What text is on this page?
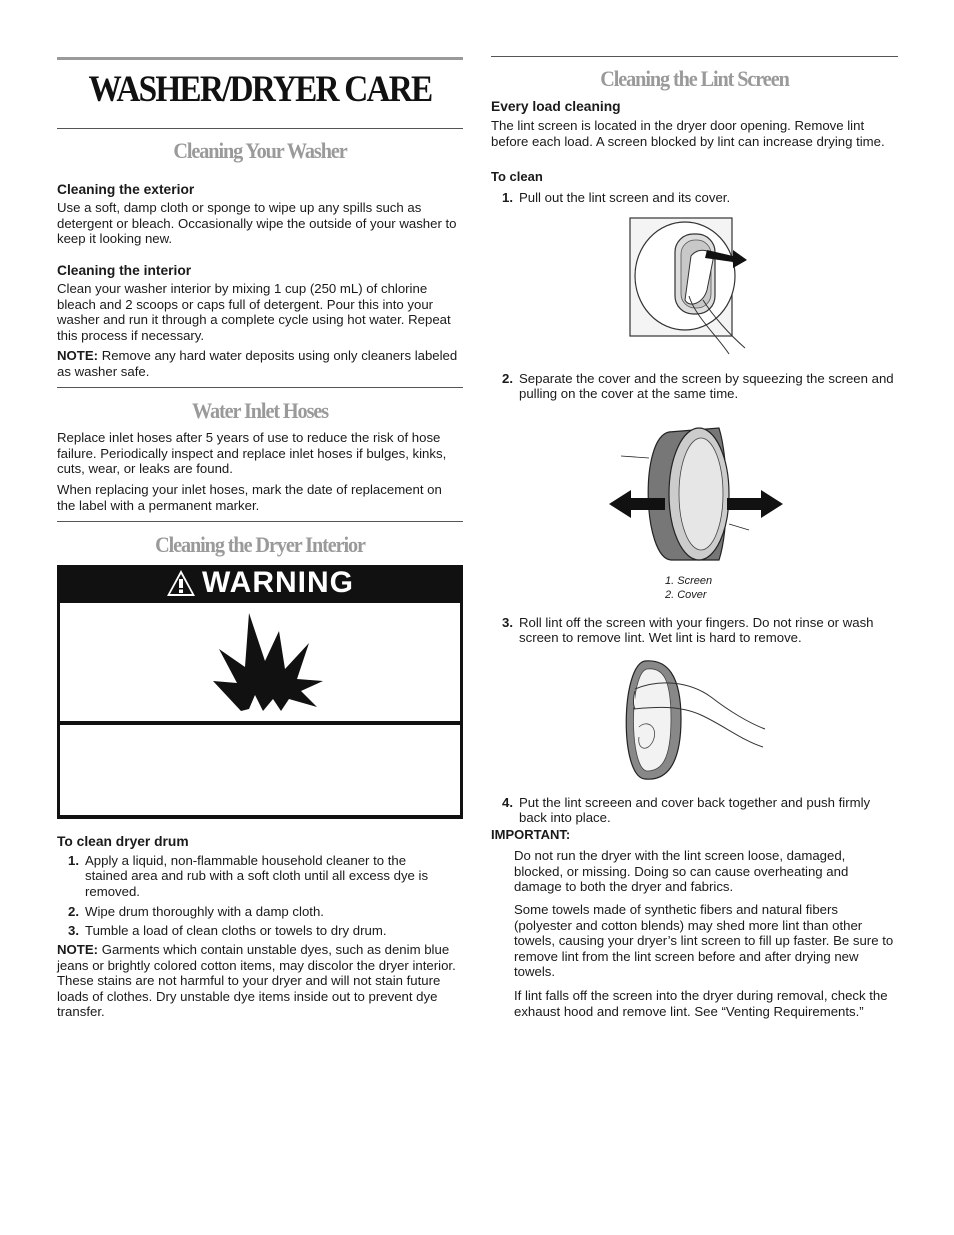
WASHER/DRYER CARE
Cleaning Your Washer

Cleaning the exterior

Use a soft, damp cloth or sponge to wipe up any spills such as detergent or bleach. Occasionally wipe the outside of your washer to keep it looking new.

Cleaning the interior

Clean your washer interior by mixing 1 cup (250 mL) of chlorine bleach and 2 scoops or caps full of detergent. Pour this into your washer and run it through a complete cycle using hot water. Repeat this process if necessary.

NOTE: Remove any hard water deposits using only cleaners labeled as washer safe.

Water Inlet Hoses

Replace inlet hoses after 5 years of use to reduce the risk of hose failure. Periodically inspect and replace inlet hoses if bulges, kinks, cuts, wear, or leaks are found.

When replacing your inlet hoses, mark the date of replacement on the label with a permanent marker.

Cleaning the Dryer Interior
WARNING

To clean dryer drum

1. Apply a liquid, non-flammable household cleaner to the stained area and rub with a soft cloth until all excess dye is removed.
2. Wipe drum thoroughly with a damp cloth.
3. Tumble a load of clean cloths or towels to dry drum.

NOTE: Garments which contain unstable dyes, such as denim blue jeans or brightly colored cotton items, may discolor the dryer interior. These stains are not harmful to your dryer and will not stain future loads of clothes. Dry unstable dye items inside out to prevent dye transfer.

Cleaning the Lint Screen

Every load cleaning

The lint screen is located in the dryer door opening. Remove lint before each load. A screen blocked by lint can increase drying time.

To clean

1. Pull out the lint screen and its cover.
2. Separate the cover and the screen by squeezing the screen and pulling on the cover at the same time.
1. Screen
2. Cover
3. Roll lint off the screen with your fingers. Do not rinse or wash screen to remove lint. Wet lint is hard to remove.
4. Put the lint screeen and cover back together and push firmly back into place.

IMPORTANT:

Do not run the dryer with the lint screen loose, damaged, blocked, or missing. Doing so can cause overheating and damage to both the dryer and fabrics.

Some towels made of synthetic fibers and natural fibers (polyester and cotton blends) may shed more lint than other towels, causing your dryer’s lint screen to fill up faster. Be sure to remove lint from the lint screen before and after drying new towels.

If lint falls off the screen into the dryer during removal, check the exhaust hood and remove lint. See “Venting Requirements.”
